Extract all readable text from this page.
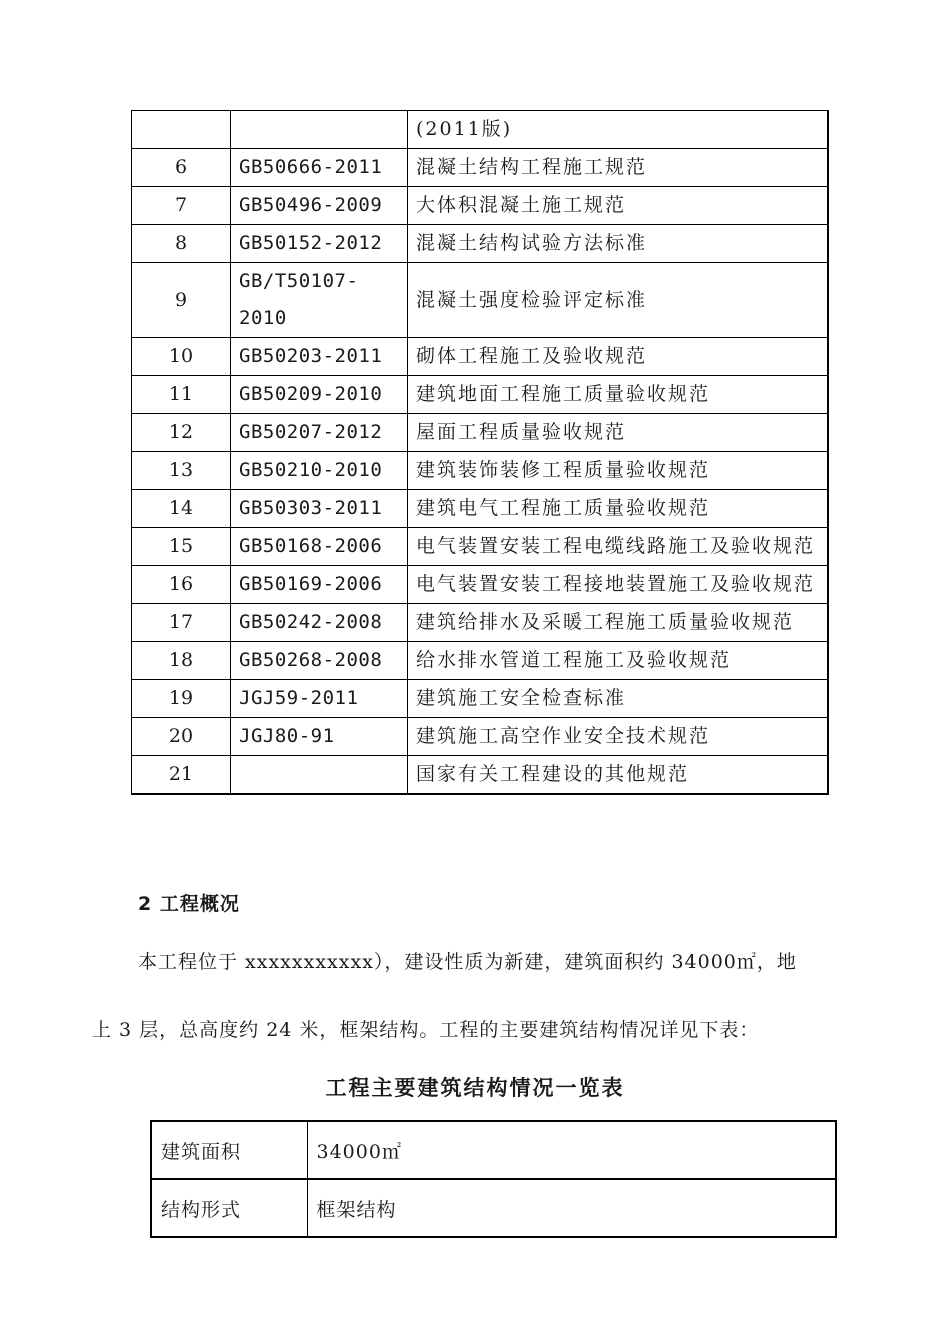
		(2011版)
6	GB50666-2011	混凝土结构工程施工规范
7	GB50496-2009	大体积混凝土施工规范
8	GB50152-2012	混凝土结构试验方法标准
9	GB/T50107-2010	混凝土强度检验评定标准
10	GB50203-2011	砌体工程施工及验收规范
11	GB50209-2010	建筑地面工程施工质量验收规范
12	GB50207-2012	屋面工程质量验收规范
13	GB50210-2010	建筑装饰装修工程质量验收规范
14	GB50303-2011	建筑电气工程施工质量验收规范
15	GB50168-2006	电气装置安装工程电缆线路施工及验收规范
16	GB50169-2006	电气装置安装工程接地装置施工及验收规范
17	GB50242-2008	建筑给排水及采暖工程施工质量验收规范
18	GB50268-2008	给水排水管道工程施工及验收规范
19	JGJ59-2011	建筑施工安全检查标准
20	JGJ80-91	建筑施工高空作业安全技术规范
21		国家有关工程建设的其他规范
2 工程概况
本工程位于 xxxxxxxxxxx），建设性质为新建，建筑面积约 34000㎡，地
上 3 层，总高度约 24 米，框架结构。工程的主要建筑结构情况详见下表：
工程主要建筑结构情况一览表
建筑面积	34000㎡
结构形式	框架结构
